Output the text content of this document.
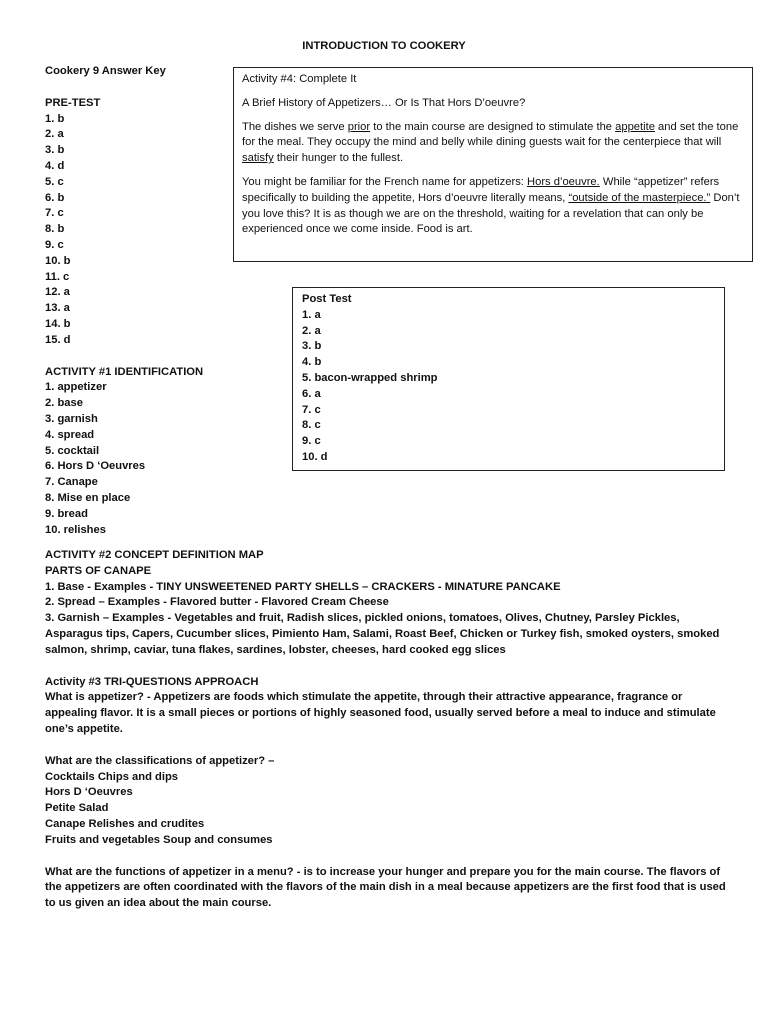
INTRODUCTION TO COOKERY
Cookery 9 Answer Key
PRE-TEST
1. b
2. a
3. b
4. d
5. c
6. b
7. c
8. b
9. c
10. b
11. c
12. a
13. a
14. b
15. d
ACTIVITY #1 IDENTIFICATION
1. appetizer
2. base
3. garnish
4. spread
5. cocktail
6. Hors D ‘Oeuvres
7. Canape
8. Mise en place
9. bread
10. relishes

Activity #4: Complete It

A Brief History of Appetizers… Or Is That Hors D’oeuvre?

The dishes we serve prior to the main course are designed to stimulate the appetite and set the tone for the meal. They occupy the mind and belly while dining guests wait for the centerpiece that will satisfy their hunger to the fullest.

You might be familiar for the French name for appetizers: Hors d’oeuvre. While “appetizer” refers specifically to building the appetite, Hors d’oeuvre literally means, “outside of the masterpiece.” Don’t you love this? It is as though we are on the threshold, waiting for a revelation that can only be experienced once we come inside. Food is art.

Post Test
1. a
2. a
3. b
4. b
5. bacon-wrapped shrimp
6. a
7. c
8. c
9. c
10. d

ACTIVITY #2 CONCEPT DEFINITION MAP

PARTS OF CANAPE

1. Base - Examples - TINY UNSWEETENED PARTY SHELLS – CRACKERS - MINATURE PANCAKE

2. Spread – Examples - Flavored butter - Flavored Cream Cheese

3. Garnish – Examples - Vegetables and fruit, Radish slices, pickled onions, tomatoes, Olives, Chutney, Parsley Pickles, Asparagus tips, Capers, Cucumber slices, Pimiento Ham, Salami, Roast Beef, Chicken or Turkey fish, smoked oysters, smoked salmon, shrimp, caviar, tuna flakes, sardines, lobster, cheeses, hard cooked egg slices

Activity #3 TRI-QUESTIONS APPROACH

What is appetizer? - Appetizers are foods which stimulate the appetite, through their attractive appearance, fragrance or appealing flavor. It is a small pieces or portions of highly seasoned food, usually served before a meal to induce and stimulate one’s appetite.

What are the classifications of appetizer? –

Cocktails Chips and dips
Hors D ‘Oeuvres
Petite Salad
Canape Relishes and crudites
Fruits and vegetables Soup and consumes

What are the functions of appetizer in a menu? - is to increase your hunger and prepare you for the main course. The flavors of the appetizers are often coordinated with the flavors of the main dish in a meal because appetizers are the first food that is used to us given an idea about the main course.
